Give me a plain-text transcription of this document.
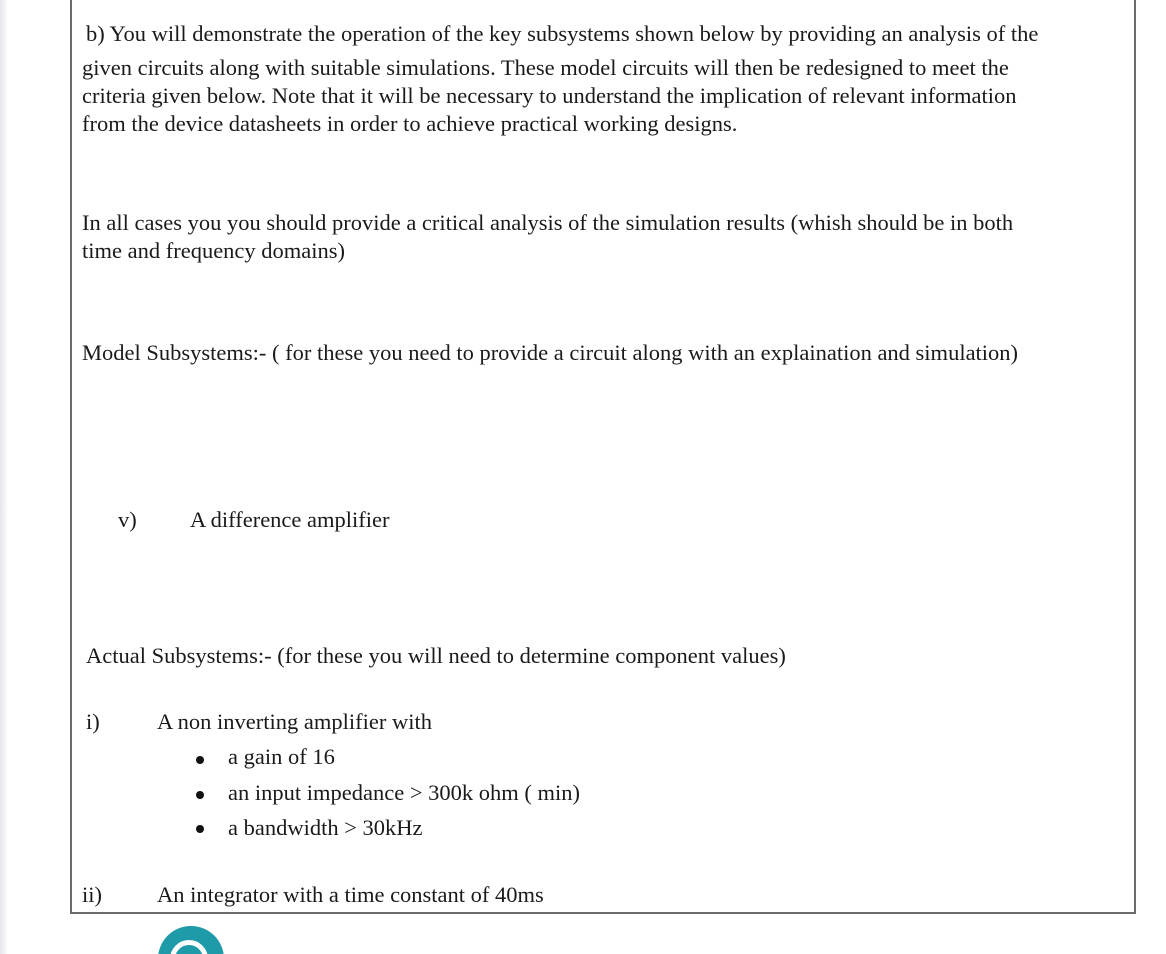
b) You will demonstrate the operation of the key subsystems shown below by providing an analysis of the
given circuits along with suitable simulations. These model circuits will then be redesigned to meet the
criteria given below. Note that it will be necessary to understand the implication of relevant information
from the device datasheets in order to achieve practical working designs.
In all cases you you should provide a critical analysis of the simulation results (whish should be in both
time and frequency domains)
Model Subsystems:- ( for these you need to provide a circuit along with an explaination and simulation)
v) A difference amplifier
Actual Subsystems:- (for these you will need to determine component values)
i)	A non inverting amplifier with
a gain of 16
an input impedance > 300k ohm ( min)
a bandwidth > 30kHz
ii) An integrator with a time constant of 40ms
